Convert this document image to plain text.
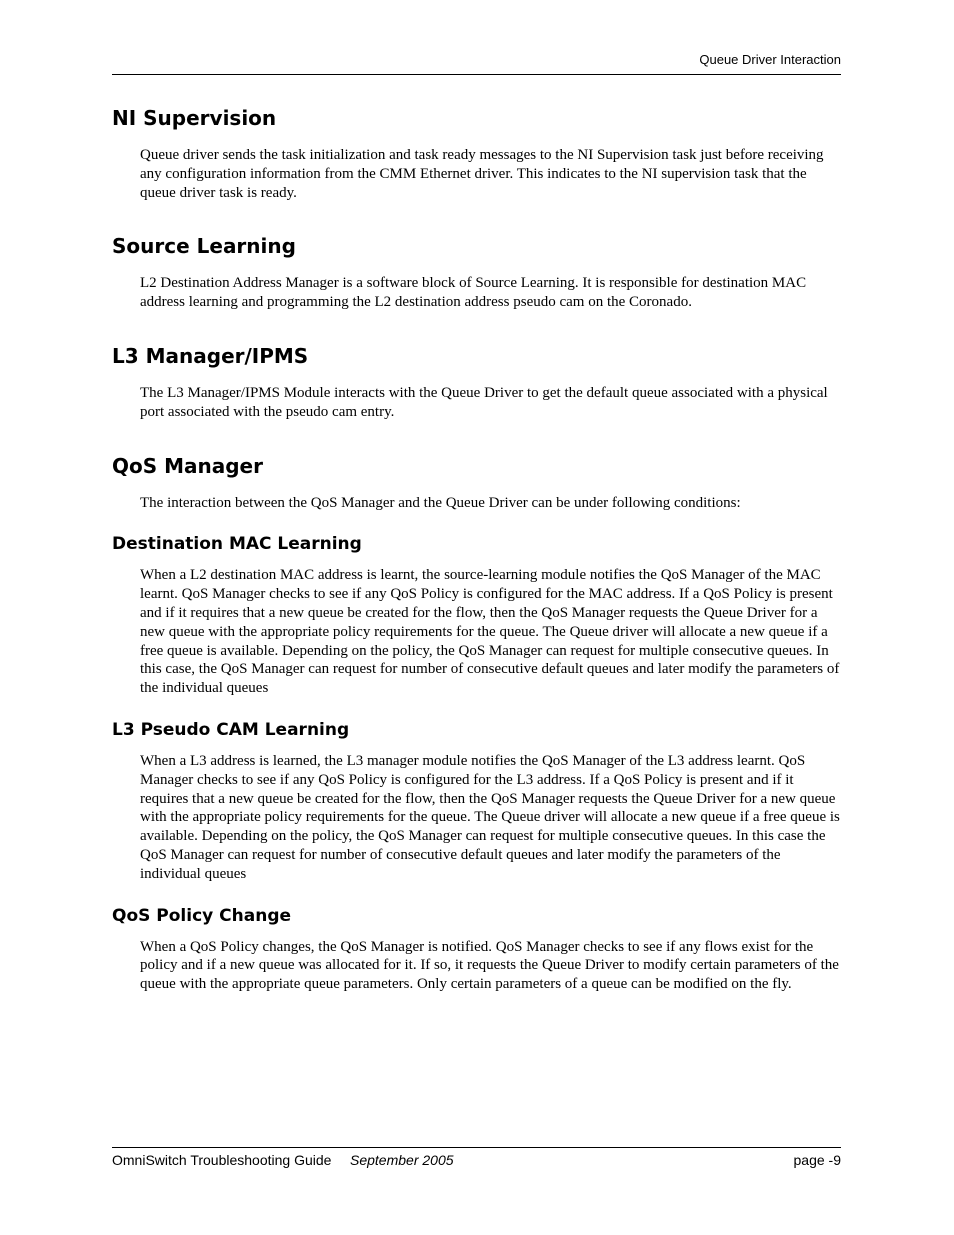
Queue Driver Interaction
NI Supervision

Queue driver sends the task initialization and task ready messages to the NI Supervision task just before receiving any configuration information from the CMM Ethernet driver. This indicates to the NI supervision task that the queue driver task is ready.

Source Learning

L2 Destination Address Manager is a software block of Source Learning. It is responsible for destination MAC address learning and programming the L2 destination address pseudo cam on the Coronado.

L3 Manager/IPMS

The L3 Manager/IPMS Module interacts with the Queue Driver to get the default queue associated with a physical port associated with the pseudo cam entry.

QoS Manager

The interaction between the QoS Manager and the Queue Driver can be under following conditions:

Destination MAC Learning

When a L2 destination MAC address is learnt, the source-learning module notifies the QoS Manager of the MAC learnt. QoS Manager checks to see if any QoS Policy is configured for the MAC address. If a QoS Policy is present and if it requires that a new queue be created for the flow, then the QoS Manager requests the Queue Driver for a new queue with the appropriate policy requirements for the queue. The Queue driver will allocate a new queue if a free queue is available. Depending on the policy, the QoS Manager can request for multiple consecutive queues. In this case, the QoS Manager can request for number of consecutive default queues and later modify the parameters of the individual queues

L3 Pseudo CAM Learning

When a L3 address is learned, the L3 manager module notifies the QoS Manager of the L3 address learnt. QoS Manager checks to see if any QoS Policy is configured for the L3 address. If a QoS Policy is present and if it requires that a new queue be created for the flow, then the QoS Manager requests the Queue Driver for a new queue with the appropriate policy requirements for the queue. The Queue driver will allocate a new queue if a free queue is available. Depending on the policy, the QoS Manager can request for multiple consecutive queues. In this case the QoS Manager can request for number of consecutive default queues and later modify the parameters of the individual queues

QoS Policy Change

When a QoS Policy changes, the QoS Manager is notified. QoS Manager checks to see if any flows exist for the policy and if a new queue was allocated for it. If so, it requests the Queue Driver to modify certain parameters of the queue with the appropriate queue parameters. Only certain parameters of a queue can be modified on the fly.

OmniSwitch Troubleshooting Guide September 2005	page -9
